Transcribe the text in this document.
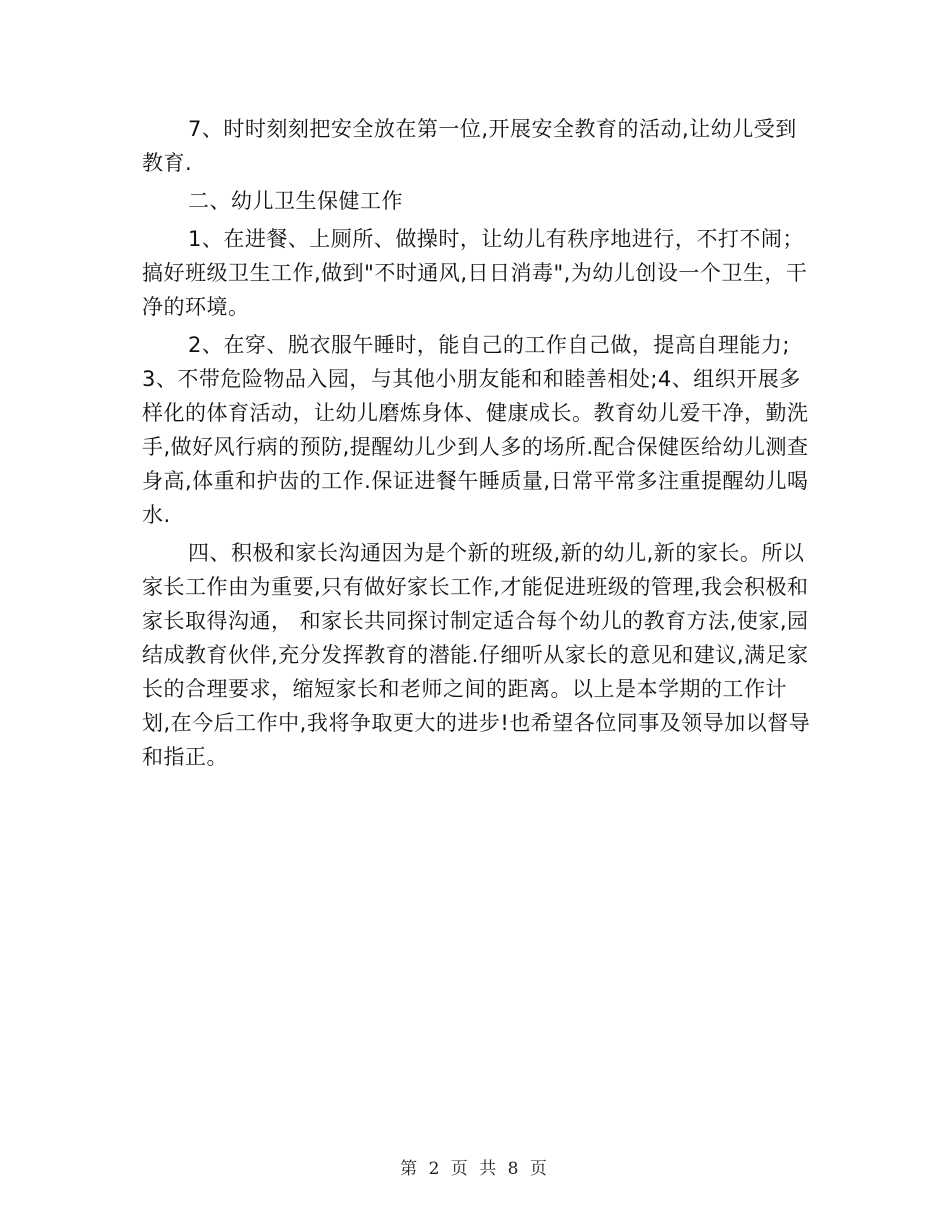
7、时时刻刻把安全放在第一位,开展安全教育的活动,让幼儿受到教育.

二、幼儿卫生保健工作

1、在进餐、上厕所、做操时，让幼儿有秩序地进行，不打不闹；搞好班级卫生工作,做到"不时通风,日日消毒",为幼儿创设一个卫生，干净的环境。

2、在穿、脱衣服午睡时，能自己的工作自己做，提高自理能力;3、不带危险物品入园，与其他小朋友能和和睦善相处;4、组织开展多样化的体育活动，让幼儿磨炼身体、健康成长。教育幼儿爱干净，勤洗手,做好风行病的预防,提醒幼儿少到人多的场所.配合保健医给幼儿测查身高,体重和护齿的工作.保证进餐午睡质量,日常平常多注重提醒幼儿喝水.

四、积极和家长沟通因为是个新的班级,新的幼儿,新的家长。所以家长工作由为重要,只有做好家长工作,才能促进班级的管理,我会积极和家长取得沟通， 和家长共同探讨制定适合每个幼儿的教育方法,使家,园结成教育伙伴,充分发挥教育的潜能.仔细听从家长的意见和建议,满足家长的合理要求，缩短家长和老师之间的距离。以上是本学期的工作计划,在今后工作中,我将争取更大的进步!也希望各位同事及领导加以督导和指正。

第 2 页 共 8 页
